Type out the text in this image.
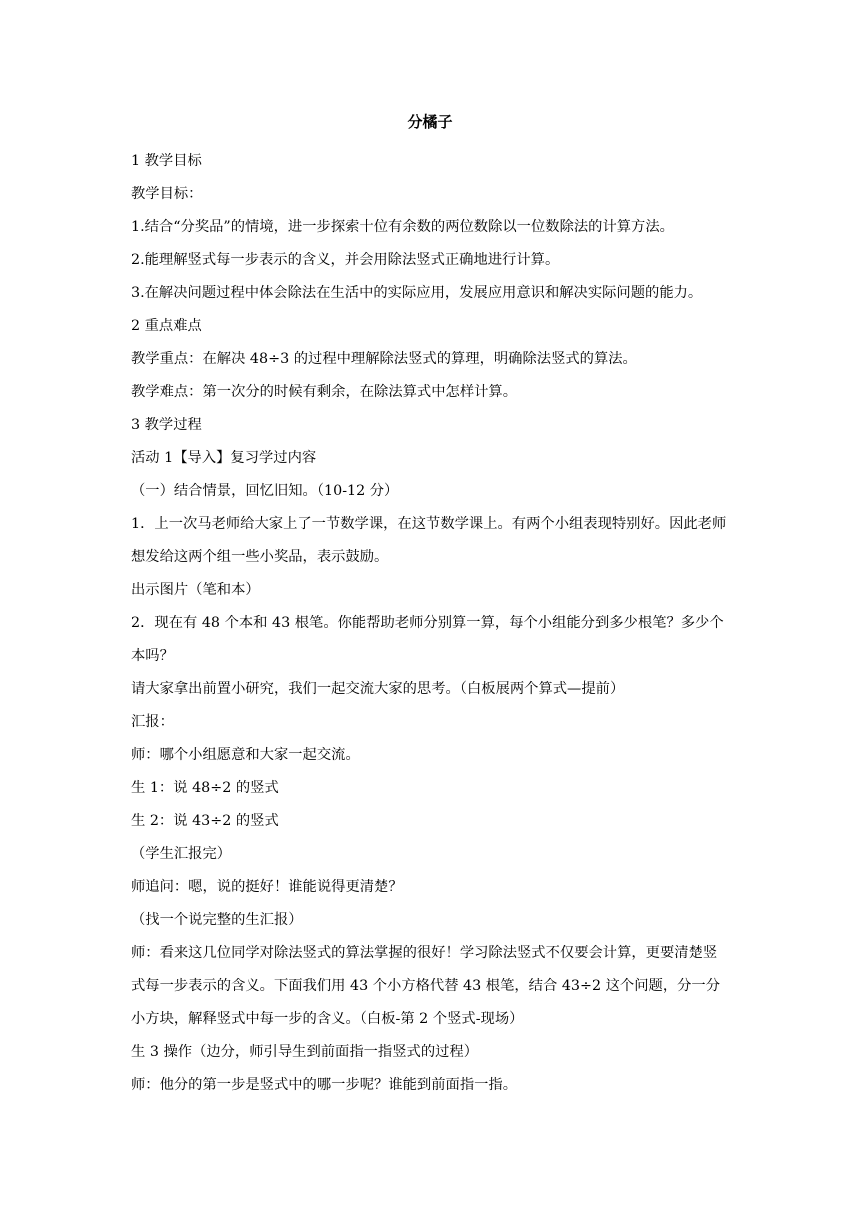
分橘子

1 教学目标

教学目标：

1.结合“分奖品”的情境，进一步探索十位有余数的两位数除以一位数除法的计算方法。

2.能理解竖式每一步表示的含义，并会用除法竖式正确地进行计算。

3.在解决问题过程中体会除法在生活中的实际应用，发展应用意识和解决实际问题的能力。

2 重点难点

教学重点：在解决 48÷3 的过程中理解除法竖式的算理，明确除法竖式的算法。

教学难点：第一次分的时候有剩余，在除法算式中怎样计算。

3 教学过程

活动 1【导入】复习学过内容

（一）结合情景，回忆旧知。（10-12 分）

1．上一次马老师给大家上了一节数学课，在这节数学课上。有两个小组表现特别好。因此老师想发给这两个组一些小奖品，表示鼓励。

出示图片（笔和本）

2．现在有 48 个本和 43 根笔。你能帮助老师分别算一算，每个小组能分到多少根笔？多少个本吗？

请大家拿出前置小研究，我们一起交流大家的思考。（白板展两个算式—提前）

汇报：

师：哪个小组愿意和大家一起交流。

生 1：说 48÷2 的竖式

生 2：说 43÷2 的竖式

（学生汇报完）

师追问：嗯，说的挺好！谁能说得更清楚？

（找一个说完整的生汇报）

师：看来这几位同学对除法竖式的算法掌握的很好！学习除法竖式不仅要会计算，更要清楚竖式每一步表示的含义。下面我们用 43 个小方格代替 43 根笔，结合 43÷2 这个问题，分一分小方块，解释竖式中每一步的含义。（白板-第 2 个竖式-现场）

生 3 操作（边分，师引导生到前面指一指竖式的过程）

师：他分的第一步是竖式中的哪一步呢？谁能到前面指一指。
